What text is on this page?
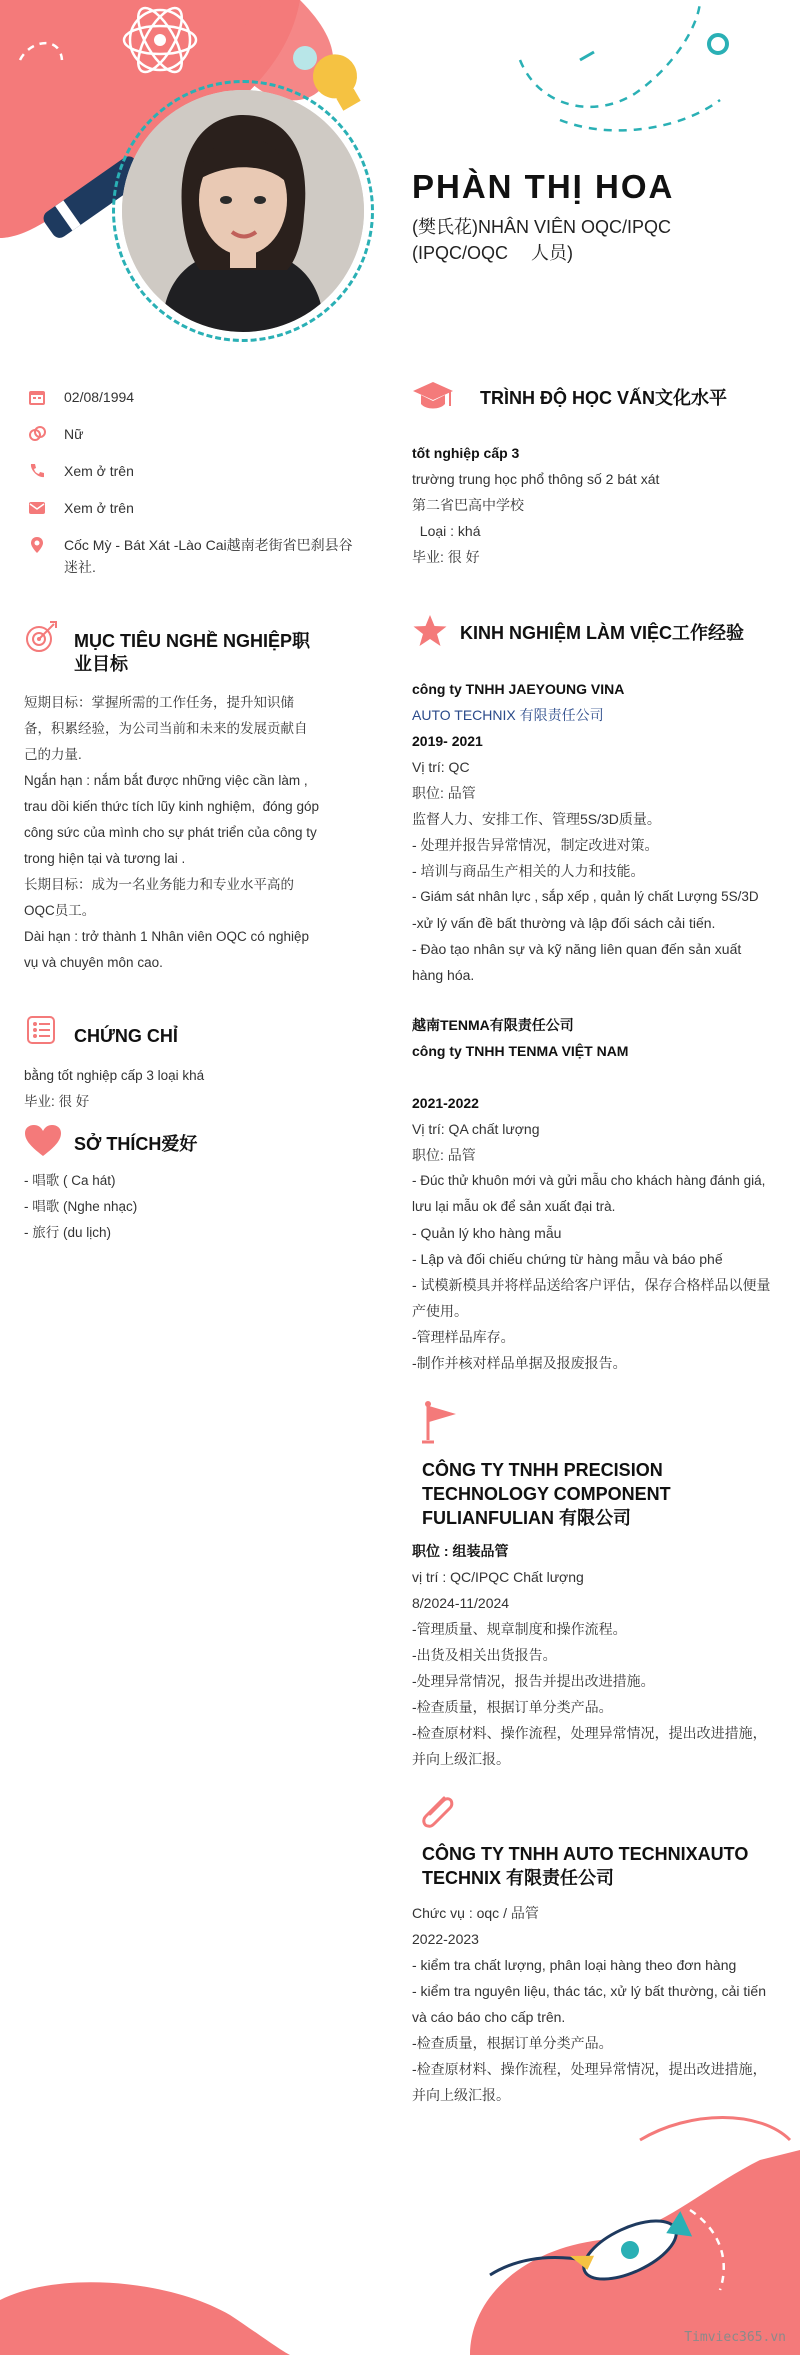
PHÀN THỊ HOA
(樊氏花)NHÂN VIÊN OQC/IPQC (IPQC/OQC 　人员)
02/08/1994
Nữ
Xem ở trên
Xem ở trên
Cốc Mỳ - Bát Xát -Lào Cai越南老街省巴刹县谷迷社.
MỤC TIÊU NGHỀ NGHIỆP职业目标
短期目标：掌握所需的工作任务，提升知识储备，积累经验，为公司当前和未来的发展贡献自己的力量.
Ngắn hạn : nắm bắt được những việc cần làm , trau dồi kiến thức tích lũy kinh nghiệm,  đóng góp công sức của mình cho sự phát triển của công ty trong hiện tại và tương lai .
长期目标：成为一名业务能力和专业水平高的OQC员工。
Dài hạn : trở thành 1 Nhân viên OQC có nghiệp  vụ và chuyên môn cao.
CHỨNG CHỈ
bằng tốt nghiệp cấp 3 loại khá
毕业: 很 好
SỞ THÍCH爱好
- 唱歌 ( Ca hát)
- 唱歌 (Nghe nhạc)
- 旅行 (du lịch)
TRÌNH ĐỘ HỌC VẤN文化水平
tốt nghiệp cấp 3
trường trung học phổ thông số 2 bát xát
第二省巴高中学校
Loại : khá
毕业: 很 好
KINH NGHIỆM LÀM VIỆC工作经验
công ty TNHH JAEYOUNG VINA
AUTO TECHNIX 有限责任公司
2019- 2021
Vị trí: QC
职位: 品管
监督人力、安排工作、管理5S/3D质量。
- 处理并报告异常情况，制定改进对策。
- 培训与商品生产相关的人力和技能。
- Giám sát nhân lực , sắp xếp , quản lý chất Lượng 5S/3D
-xử lý vấn đề bất thường và lập đối sách cải tiến.
- Đào tạo nhân sự và kỹ năng liên quan đến sản xuất hàng hóa.
越南TENMA有限责任公司
công ty TNHH TENMA VIỆT NAM
2021-2022
Vị trí: QA chất lượng
职位: 品管
- Đúc thử khuôn mới và gửi mẫu cho khách hàng đánh giá, lưu lại mẫu ok để sản xuất đại trà.
- Quản lý kho hàng mẫu
- Lập và đối chiếu chứng từ hàng mẫu và báo phế
- 试模新模具并将样品送给客户评估，保存合格样品以便量产使用。
-管理样品库存。
-制作并核对样品单据及报废报告。
CÔNG TY TNHH PRECISION TECHNOLOGY COMPONENT FULIANFULIAN 有限公司
职位 : 组装品管
vị trí : QC/IPQC Chất lượng
8/2024-11/2024
-管理质量、规章制度和操作流程。
-出货及相关出货报告。
-处理异常情况，报告并提出改进措施。
-检查质量，根据订单分类产品。
-检查原材料、操作流程，处理异常情况，提出改进措施，并向上级汇报。
CÔNG TY TNHH AUTO TECHNIXAUTO TECHNIX 有限责任公司
Chức vụ : oqc / 品管
2022-2023
- kiểm tra chất lượng, phân loại hàng theo đơn hàng
- kiểm tra nguyên liệu, thác tác, xử lý bất thường, cải tiến và cáo báo cho cấp trên.
-检查质量，根据订单分类产品。
-检查原材料、操作流程，处理异常情况，提出改进措施，并向上级汇报。
Timviec365.vn
